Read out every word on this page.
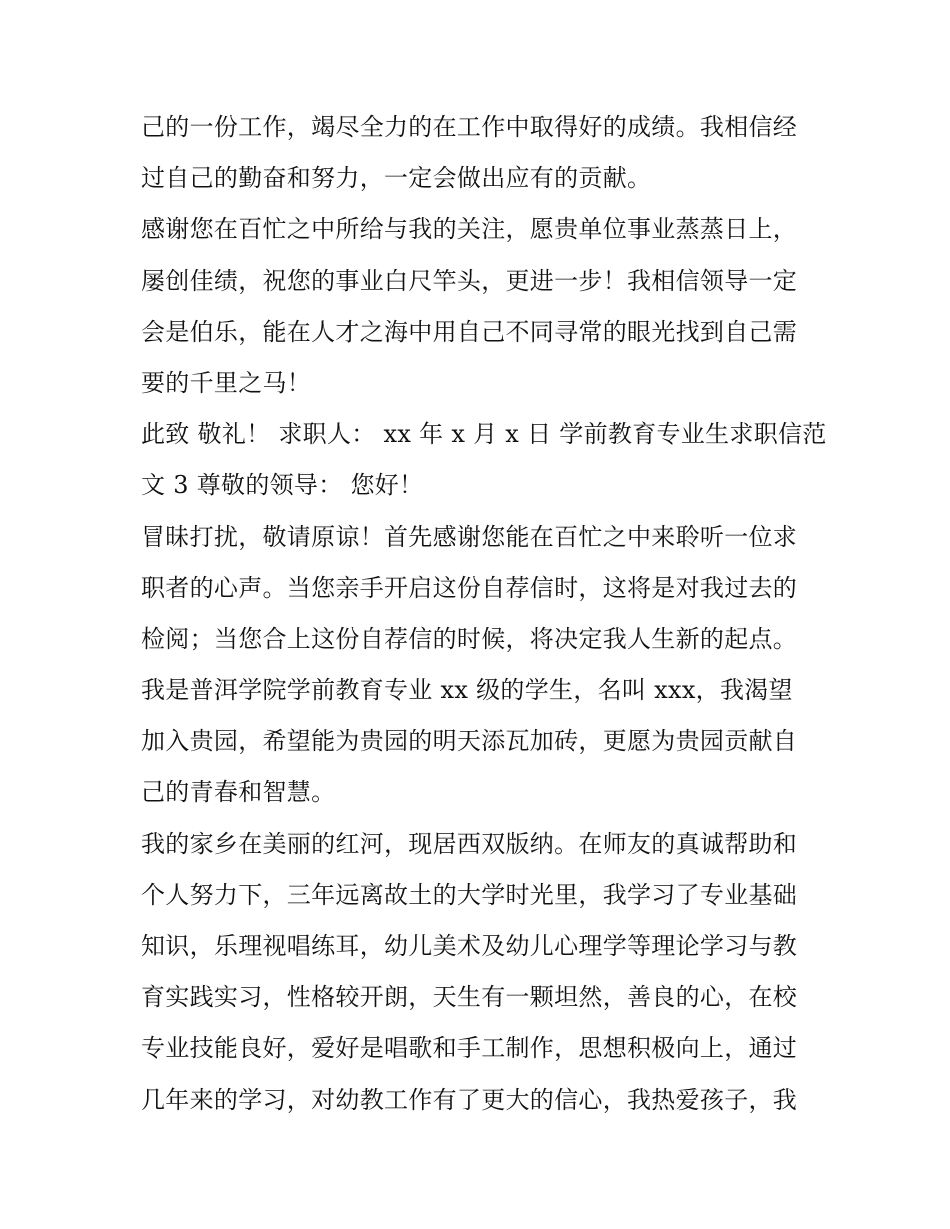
己的一份工作，竭尽全力的在工作中取得好的成绩。我相信经
过自己的勤奋和努力，一定会做出应有的贡献。
感谢您在百忙之中所给与我的关注，愿贵单位事业蒸蒸日上，
屡创佳绩，祝您的事业白尺竿头，更进一步！我相信领导一定
会是伯乐，能在人才之海中用自己不同寻常的眼光找到自己需
要的千里之马！
此致 敬礼！ 求职人： xx 年 x 月 x 日 学前教育专业生求职信范
文 3 尊敬的领导： 您好！
冒昧打扰，敬请原谅！首先感谢您能在百忙之中来聆听一位求
职者的心声。当您亲手开启这份自荐信时，这将是对我过去的
检阅；当您合上这份自荐信的时候，将决定我人生新的起点。
我是普洱学院学前教育专业 xx 级的学生，名叫 xxx，我渴望
加入贵园，希望能为贵园的明天添瓦加砖，更愿为贵园贡献自
己的青春和智慧。
我的家乡在美丽的红河，现居西双版纳。在师友的真诚帮助和
个人努力下，三年远离故土的大学时光里，我学习了专业基础
知识，乐理视唱练耳，幼儿美术及幼儿心理学等理论学习与教
育实践实习，性格较开朗，天生有一颗坦然，善良的心，在校
专业技能良好，爱好是唱歌和手工制作，思想积极向上，通过
几年来的学习，对幼教工作有了更大的信心，我热爱孩子，我
